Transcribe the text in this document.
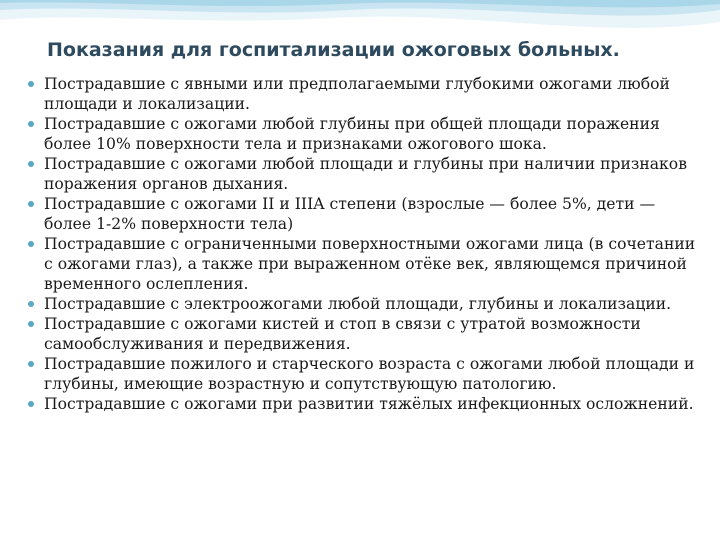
Показания для госпитализации ожоговых больных.
Пострадавшие с явными или предполагаемыми глубокими ожогами любой площади и локализации.
Пострадавшие с ожогами любой глубины при общей площади поражения более 10% поверхности тела и признаками ожогового шока.
Пострадавшие с ожогами любой площади и глубины при наличии признаков поражения органов дыхания.
Пострадавшие с ожогами II и IIIA степени (взрослые — более 5%, дети — более 1-2% поверхности тела)
Пострадавшие с ограниченными поверхностными ожогами лица (в сочетании с ожогами глаз), а также при выраженном отёке век, являющемся причиной временного ослепления.
Пострадавшие с электроожогами любой площади, глубины и локализации.
Пострадавшие с ожогами кистей и стоп в связи с утратой возможности самообслуживания и передвижения.
Пострадавшие пожилого и старческого возраста с ожогами любой площади и глубины, имеющие возрастную и сопутствующую патологию.
Пострадавшие с ожогами при развитии тяжёлых инфекционных осложнений.
